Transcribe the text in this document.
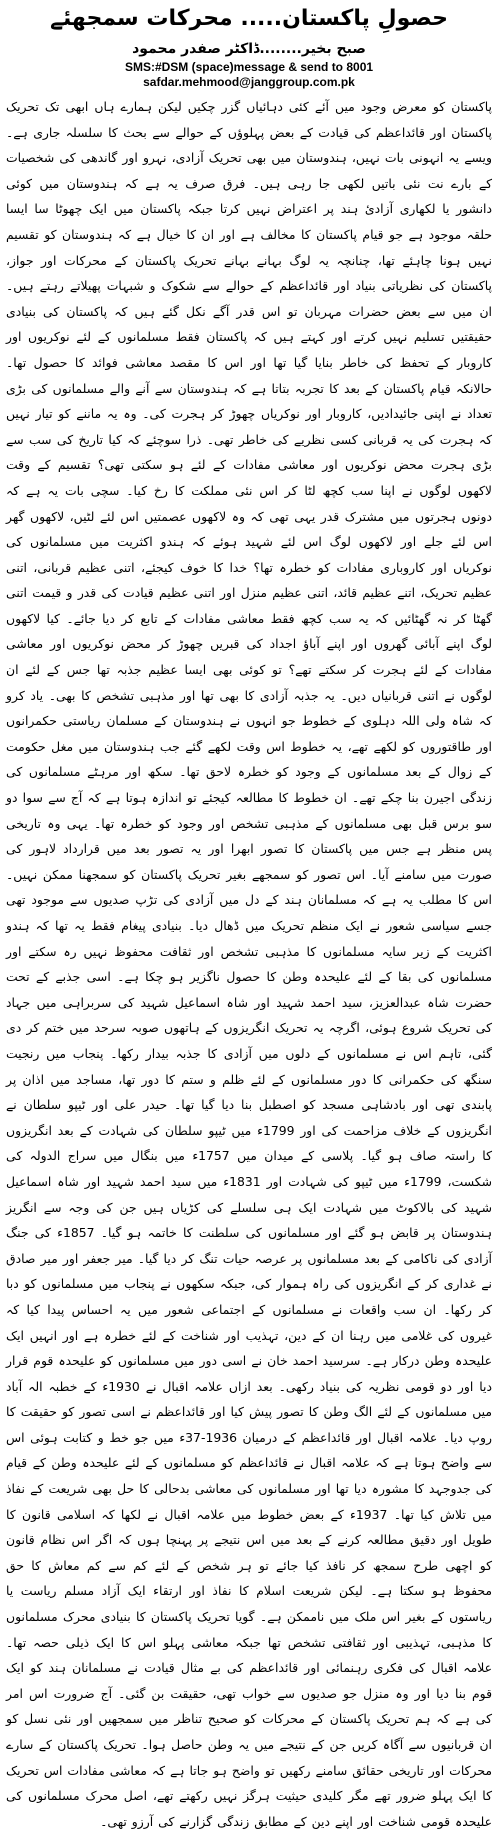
حصولِ پاکستان..... محرکات سمجھئے

صبح بخیر........ڈاکٹر صفدر محمود

SMS:#DSM (space)message & send to 8001

safdar.mehmood@janggroup.com.pk

پاکستان کو معرض وجود میں آئے کئی دہائیاں گزر چکیں لیکن ہمارے ہاں ابھی تک تحریک پاکستان اور قائداعظم کی قیادت کے بعض پہلوؤں کے حوالے سے بحث کا سلسلہ جاری ہے۔ ویسے یہ انہونی بات نہیں، ہندوستان میں بھی تحریک آزادی، نہرو اور گاندھی کی شخصیات کے بارے نت نئی باتیں لکھی جا رہی ہیں۔ فرق صرف یہ ہے کہ ہندوستان میں کوئی دانشور یا لکھاری آزادیٔ ہند پر اعتراض نہیں کرتا جبکہ پاکستان میں ایک چھوٹا سا ایسا حلقہ موجود ہے جو قیام پاکستان کا مخالف ہے اور ان کا خیال ہے کہ ہندوستان کو تقسیم نہیں ہونا چاہئے تھا، چنانچہ یہ لوگ بہانے بہانے تحریک پاکستان کے محرکات اور جواز، پاکستان کی نظریاتی بنیاد اور قائداعظم کے حوالے سے شکوک و شبہات پھیلاتے رہتے ہیں۔ ان میں سے بعض حضرات مہربان تو اس قدر آگے نکل گئے ہیں کہ پاکستان کی بنیادی حقیقتیں تسلیم نہیں کرتے اور کہتے ہیں کہ پاکستان فقط مسلمانوں کے لئے نوکریوں اور کاروبار کے تحفظ کی خاطر بنایا گیا تھا اور اس کا مقصد معاشی فوائد کا حصول تھا۔ حالانکہ قیام پاکستان کے بعد کا تجربہ بتاتا ہے کہ ہندوستان سے آنے والے مسلمانوں کی بڑی تعداد نے اپنی جائیدادیں، کاروبار اور نوکریاں چھوڑ کر ہجرت کی۔ وہ یہ ماننے کو تیار نہیں کہ ہجرت کی یہ قربانی کسی نظریے کی خاطر تھی۔ ذرا سوچئے کہ کیا تاریخ کی سب سے بڑی ہجرت محض نوکریوں اور معاشی مفادات کے لئے ہو سکتی تھی؟ تقسیم کے وقت لاکھوں لوگوں نے اپنا سب کچھ لٹا کر اس نئی مملکت کا رخ کیا۔ سچی بات یہ ہے کہ دونوں ہجرتوں میں مشترک قدر یہی تھی کہ وہ لاکھوں عصمتیں اس لئے لٹیں، لاکھوں گھر اس لئے جلے اور لاکھوں لوگ اس لئے شہید ہوئے کہ ہندو اکثریت میں مسلمانوں کی نوکریاں اور کاروباری مفادات کو خطرہ تھا؟ خدا کا خوف کیجئے، اتنی عظیم قربانی، اتنی عظیم تحریک، اتنے عظیم قائد، اتنی عظیم منزل اور اتنی عظیم قیادت کی قدر و قیمت اتنی گھٹا کر نہ گھٹائیں کہ یہ سب کچھ فقط معاشی مفادات کے تابع کر دیا جائے۔ کیا لاکھوں لوگ اپنے آبائی گھروں اور اپنے آباؤ اجداد کی قبریں چھوڑ کر محض نوکریوں اور معاشی مفادات کے لئے ہجرت کر سکتے تھے؟ تو کوئی بھی ایسا عظیم جذبہ تھا جس کے لئے ان لوگوں نے اتنی قربانیاں دیں۔ یہ جذبہ آزادی کا بھی تھا اور مذہبی تشخص کا بھی۔ یاد کرو کہ شاہ ولی اللہ دہلوی کے خطوط جو انہوں نے ہندوستان کے مسلمان ریاستی حکمرانوں اور طاقتوروں کو لکھے تھے، یہ خطوط اس وقت لکھے گئے جب ہندوستان میں مغل حکومت کے زوال کے بعد مسلمانوں کے وجود کو خطرہ لاحق تھا۔ سکھ اور مرہٹے مسلمانوں کی زندگی اجیرن بنا چکے تھے۔ ان خطوط کا مطالعہ کیجئے تو اندازہ ہوتا ہے کہ آج سے سوا دو سو برس قبل بھی مسلمانوں کے مذہبی تشخص اور وجود کو خطرہ تھا۔ یہی وہ تاریخی پس منظر ہے جس میں پاکستان کا تصور ابھرا اور یہ تصور بعد میں قرارداد لاہور کی صورت میں سامنے آیا۔ اس تصور کو سمجھے بغیر تحریک پاکستان کو سمجھنا ممکن نہیں۔ اس کا مطلب یہ ہے کہ مسلمانان ہند کے دل میں آزادی کی تڑپ صدیوں سے موجود تھی جسے سیاسی شعور نے ایک منظم تحریک میں ڈھال دیا۔ بنیادی پیغام فقط یہ تھا کہ ہندو اکثریت کے زیر سایہ مسلمانوں کا مذہبی تشخص اور ثقافت محفوظ نہیں رہ سکتے اور مسلمانوں کی بقا کے لئے علیحدہ وطن کا حصول ناگزیر ہو چکا ہے۔ اسی جذبے کے تحت حضرت شاہ عبدالعزیز، سید احمد شہید اور شاہ اسماعیل شہید کی سربراہی میں جہاد کی تحریک شروع ہوئی، اگرچہ یہ تحریک انگریزوں کے ہاتھوں صوبہ سرحد میں ختم کر دی گئی، تاہم اس نے مسلمانوں کے دلوں میں آزادی کا جذبہ بیدار رکھا۔ پنجاب میں رنجیت سنگھ کی حکمرانی کا دور مسلمانوں کے لئے ظلم و ستم کا دور تھا، مساجد میں اذان پر پابندی تھی اور بادشاہی مسجد کو اصطبل بنا دیا گیا تھا۔ حیدر علی اور ٹیپو سلطان نے انگریزوں کے خلاف مزاحمت کی اور 1799ء میں ٹیپو سلطان کی شہادت کے بعد انگریزوں کا راستہ صاف ہو گیا۔ پلاسی کے میدان میں 1757ء میں بنگال میں سراج الدولہ کی شکست، 1799ء میں ٹیپو کی شہادت اور 1831ء میں سید احمد شہید اور شاہ اسماعیل شہید کی بالاکوٹ میں شہادت ایک ہی سلسلے کی کڑیاں ہیں جن کی وجہ سے انگریز ہندوستان پر قابض ہو گئے اور مسلمانوں کی سلطنت کا خاتمہ ہو گیا۔ 1857ء کی جنگ آزادی کی ناکامی کے بعد مسلمانوں پر عرصہ حیات تنگ کر دیا گیا۔ میر جعفر اور میر صادق نے غداری کر کے انگریزوں کی راہ ہموار کی، جبکہ سکھوں نے پنجاب میں مسلمانوں کو دبا کر رکھا۔ ان سب واقعات نے مسلمانوں کے اجتماعی شعور میں یہ احساس پیدا کیا کہ غیروں کی غلامی میں رہنا ان کے دین، تہذیب اور شناخت کے لئے خطرہ ہے اور انہیں ایک علیحدہ وطن درکار ہے۔ سرسید احمد خان نے اسی دور میں مسلمانوں کو علیحدہ قوم قرار دیا اور دو قومی نظریہ کی بنیاد رکھی۔ بعد ازاں علامہ اقبال نے 1930ء کے خطبہ الہ آباد میں مسلمانوں کے لئے الگ وطن کا تصور پیش کیا اور قائداعظم نے اسی تصور کو حقیقت کا روپ دیا۔ علامہ اقبال اور قائداعظم کے درمیان 1936-37ء میں جو خط و کتابت ہوئی اس سے واضح ہوتا ہے کہ علامہ اقبال نے قائداعظم کو مسلمانوں کے لئے علیحدہ وطن کے قیام کی جدوجہد کا مشورہ دیا تھا اور مسلمانوں کی معاشی بدحالی کا حل بھی شریعت کے نفاذ میں تلاش کیا تھا۔ 1937ء کے بعض خطوط میں علامہ اقبال نے لکھا کہ اسلامی قانون کا طویل اور دقیق مطالعہ کرنے کے بعد میں اس نتیجے پر پہنچا ہوں کہ اگر اس نظام قانون کو اچھی طرح سمجھ کر نافذ کیا جائے تو ہر شخص کے لئے کم سے کم معاش کا حق محفوظ ہو سکتا ہے۔ لیکن شریعت اسلام کا نفاذ اور ارتقاء ایک آزاد مسلم ریاست یا ریاستوں کے بغیر اس ملک میں ناممکن ہے۔ گویا تحریک پاکستان کا بنیادی محرک مسلمانوں کا مذہبی، تہذیبی اور ثقافتی تشخص تھا جبکہ معاشی پہلو اس کا ایک ذیلی حصہ تھا۔ علامہ اقبال کی فکری رہنمائی اور قائداعظم کی بے مثال قیادت نے مسلمانان ہند کو ایک قوم بنا دیا اور وہ منزل جو صدیوں سے خواب تھی، حقیقت بن گئی۔ آج ضرورت اس امر کی ہے کہ ہم تحریک پاکستان کے محرکات کو صحیح تناظر میں سمجھیں اور نئی نسل کو ان قربانیوں سے آگاہ کریں جن کے نتیجے میں یہ وطن حاصل ہوا۔ تحریک پاکستان کے سارے محرکات اور تاریخی حقائق سامنے رکھیں تو واضح ہو جاتا ہے کہ معاشی مفادات اس تحریک کا ایک پہلو ضرور تھے مگر کلیدی حیثیت ہرگز نہیں رکھتے تھے، اصل محرک مسلمانوں کی علیحدہ قومی شناخت اور اپنے دین کے مطابق زندگی گزارنے کی آرزو تھی۔
